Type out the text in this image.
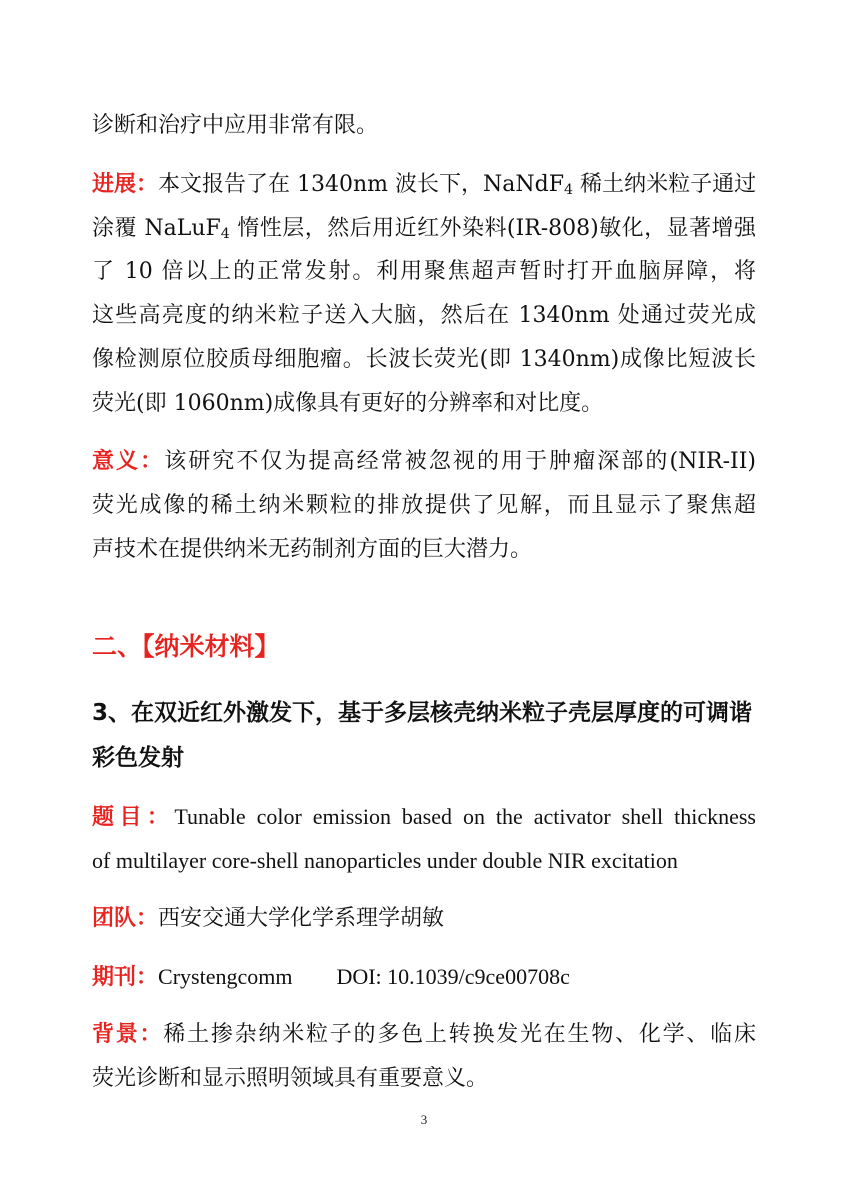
诊断和治疗中应用非常有限。
进展：本文报告了在 1340nm 波长下，NaNdF$_4$ 稀土纳米粒子通过
涂覆 NaLuF$_4$ 惰性层，然后用近红外染料(IR-808)敏化，显著增强
了 10 倍以上的正常发射。利用聚焦超声暂时打开血脑屏障，将
这些高亮度的纳米粒子送入大脑，然后在 1340nm 处通过荧光成
像检测原位胶质母细胞瘤。长波长荧光(即 1340nm)成像比短波长
荧光(即 1060nm)成像具有更好的分辨率和对比度。
意义：该研究不仅为提高经常被忽视的用于肿瘤深部的(NIR-II)
荧光成像的稀土纳米颗粒的排放提供了见解，而且显示了聚焦超
声技术在提供纳米无药制剂方面的巨大潜力。
二、【纳米材料】
3、在双近红外激发下，基于多层核壳纳米粒子壳层厚度的可调谐
彩色发射
题目：Tunable color emission based on the activator shell thickness
of multilayer core-shell nanoparticles under double NIR excitation
团队：西安交通大学化学系理学胡敏
期刊：Crystengcomm DOI: 10.1039/c9ce00708c
背景：稀土掺杂纳米粒子的多色上转换发光在生物、化学、临床
荧光诊断和显示照明领域具有重要意义。
3
